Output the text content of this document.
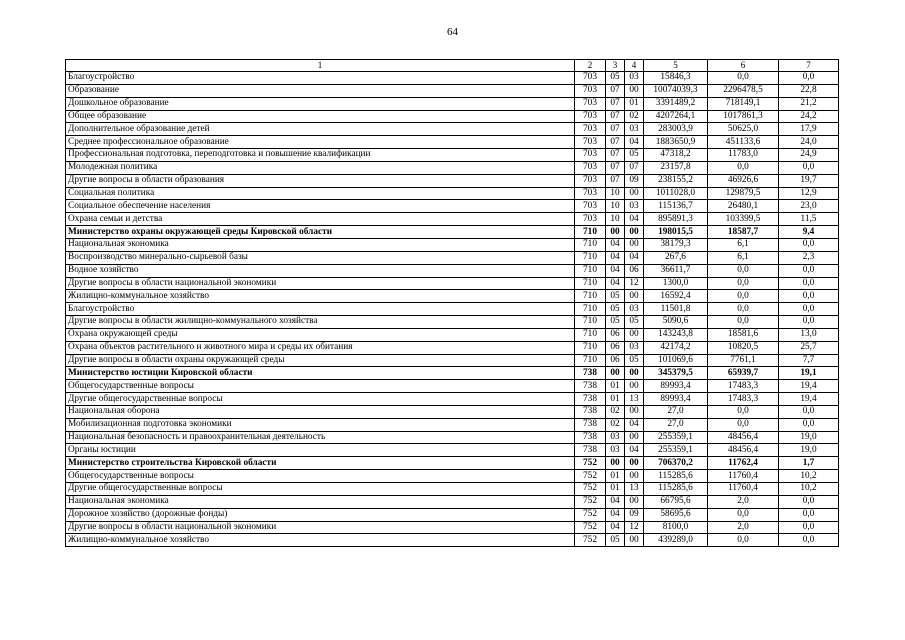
64
1	2	3	4	5	6	7
Благоустройство	703	05	03	15846,3	0,0	0,0
Образование	703	07	00	10074039,3	2296478,5	22,8
Дошкольное образование	703	07	01	3391489,2	718149,1	21,2
Общее образование	703	07	02	4207264,1	1017861,3	24,2
Дополнительное образование детей	703	07	03	283003,9	50625,0	17,9
Среднее профессиональное образование	703	07	04	1883650,9	451133,6	24,0
Профессиональная подготовка, переподготовка и повышение квалификации	703	07	05	47318,2	11783,0	24,9
Молодежная политика	703	07	07	23157,8	0,0	0,0
Другие вопросы в области образования	703	07	09	238155,2	46926,6	19,7
Социальная политика	703	10	00	1011028,0	129879,5	12,9
Социальное обеспечение населения	703	10	03	115136,7	26480,1	23,0
Охрана семьи и детства	703	10	04	895891,3	103399,5	11,5
Министерство охраны окружающей среды Кировской области	710	00	00	198015,5	18587,7	9,4
Национальная экономика	710	04	00	38179,3	6,1	0,0
Воспроизводство минерально-сырьевой базы	710	04	04	267,6	6,1	2,3
Водное хозяйство	710	04	06	36611,7	0,0	0,0
Другие вопросы в области национальной экономики	710	04	12	1300,0	0,0	0,0
Жилищно-коммунальное хозяйство	710	05	00	16592,4	0,0	0,0
Благоустройство	710	05	03	11501,8	0,0	0,0
Другие вопросы в области жилищно-коммунального хозяйства	710	05	05	5090,6	0,0	0,0
Охрана окружающей среды	710	06	00	143243,8	18581,6	13,0
Охрана объектов растительного и животного мира и среды их обитания	710	06	03	42174,2	10820,5	25,7
Другие вопросы в области охраны окружающей среды	710	06	05	101069,6	7761,1	7,7
Министерство юстиции Кировской области	738	00	00	345379,5	65939,7	19,1
Общегосударственные вопросы	738	01	00	89993,4	17483,3	19,4
Другие общегосударственные вопросы	738	01	13	89993,4	17483,3	19,4
Национальная оборона	738	02	00	27,0	0,0	0,0
Мобилизационная подготовка экономики	738	02	04	27,0	0,0	0,0
Национальная безопасность и правоохранительная деятельность	738	03	00	255359,1	48456,4	19,0
Органы юстиции	738	03	04	255359,1	48456,4	19,0
Министерство строительства Кировской области	752	00	00	706370,2	11762,4	1,7
Общегосударственные вопросы	752	01	00	115285,6	11760,4	10,2
Другие общегосударственные вопросы	752	01	13	115285,6	11760,4	10,2
Национальная экономика	752	04	00	66795,6	2,0	0,0
Дорожное хозяйство (дорожные фонды)	752	04	09	58695,6	0,0	0,0
Другие вопросы в области национальной экономики	752	04	12	8100,0	2,0	0,0
Жилищно-коммунальное хозяйство	752	05	00	439289,0	0,0	0,0
